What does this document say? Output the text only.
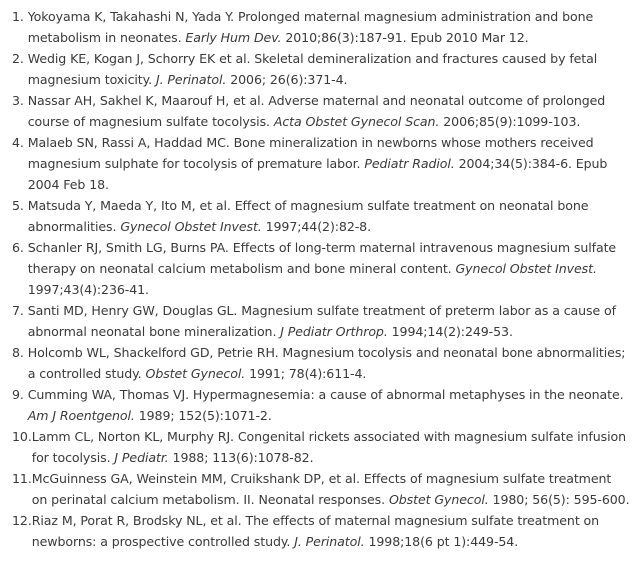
1. Yokoyama K, Takahashi N, Yada Y. Prolonged maternal magnesium administration and bone metabolism in neonates. Early Hum Dev. 2010;86(3):187-91. Epub 2010 Mar 12.
2. Wedig KE, Kogan J, Schorry EK et al. Skeletal demineralization and fractures caused by fetal magnesium toxicity. J. Perinatol. 2006; 26(6):371-4.
3. Nassar AH, Sakhel K, Maarouf H, et al. Adverse maternal and neonatal outcome of prolonged course of magnesium sulfate tocolysis. Acta Obstet Gynecol Scan. 2006;85(9):1099-103.
4. Malaeb SN, Rassi A, Haddad MC. Bone mineralization in newborns whose mothers received magnesium sulphate for tocolysis of premature labor. Pediatr Radiol. 2004;34(5):384-6. Epub 2004 Feb 18.
5. Matsuda Y, Maeda Y, Ito M, et al. Effect of magnesium sulfate treatment on neonatal bone abnormalities. Gynecol Obstet Invest. 1997;44(2):82-8.
6. Schanler RJ, Smith LG, Burns PA. Effects of long-term maternal intravenous magnesium sulfate therapy on neonatal calcium metabolism and bone mineral content. Gynecol Obstet Invest. 1997;43(4):236-41.
7. Santi MD, Henry GW, Douglas GL. Magnesium sulfate treatment of preterm labor as a cause of abnormal neonatal bone mineralization. J Pediatr Orthrop. 1994;14(2):249-53.
8. Holcomb WL, Shackelford GD, Petrie RH. Magnesium tocolysis and neonatal bone abnormalities; a controlled study. Obstet Gynecol. 1991; 78(4):611-4.
9. Cumming WA, Thomas VJ. Hypermagnesemia: a cause of abnormal metaphyses in the neonate. Am J Roentgenol. 1989; 152(5):1071-2.
10. Lamm CL, Norton KL, Murphy RJ. Congenital rickets associated with magnesium sulfate infusion for tocolysis. J Pediatr. 1988; 113(6):1078-82.
11. McGuinness GA, Weinstein MM, Cruikshank DP, et al. Effects of magnesium sulfate treatment on perinatal calcium metabolism. II. Neonatal responses. Obstet Gynecol. 1980; 56(5): 595-600.
12. Riaz M, Porat R, Brodsky NL, et al. The effects of maternal magnesium sulfate treatment on newborns: a prospective controlled study. J. Perinatol. 1998;18(6 pt 1):449-54.
